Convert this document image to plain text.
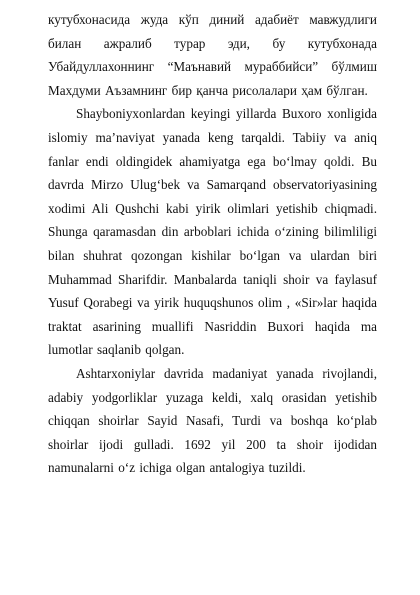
кутубхонасида жуда кўп диний адабиёт мавжудлиги билан ажралиб турар эди, бу кутубхонада Убайдуллахоннинг “Маънавий мураббийси” бўлмиш Махдуми Аъзамнинг бир қанча рисолалари ҳам бўлган.

Shayboniyxonlardan keyingi yillarda Buxoro xonligida islomiy ma’naviyat yanada keng tarqaldi. Tabiiy va aniq fanlar endi oldingidek ahamiyatga ega bo‘lmay qoldi. Bu davrda Mirzo Ulug‘bek va Samarqand observatoriyasining xodimi Ali Qushchi kabi yirik olimlari yetishib chiqmadi. Shunga qaramasdan din arboblari ichida o‘zining bilimliligi bilan shuhrat qozongan kishilar bo‘lgan va ulardan biri Muhammad Sharifdir. Manbalarda taniqli shoir va faylasuf Yusuf Qorabegi va yirik huquqshunos olim , «Sir»lar haqida traktat asarining muallifi Nasriddin Buxori haqida ma lumotlar saqlanib qolgan.

Ashtarxoniylar davrida madaniyat yanada rivojlandi, adabiy yodgorliklar yuzaga keldi, xalq orasidan yetishib chiqqan shoirlar Sayid Nasafi, Turdi va boshqa ko‘plab shoirlar ijodi gulladi. 1692 yil 200 ta shoir ijodidan namunalarni o‘z ichiga olgan antalogiya tuzildi.
